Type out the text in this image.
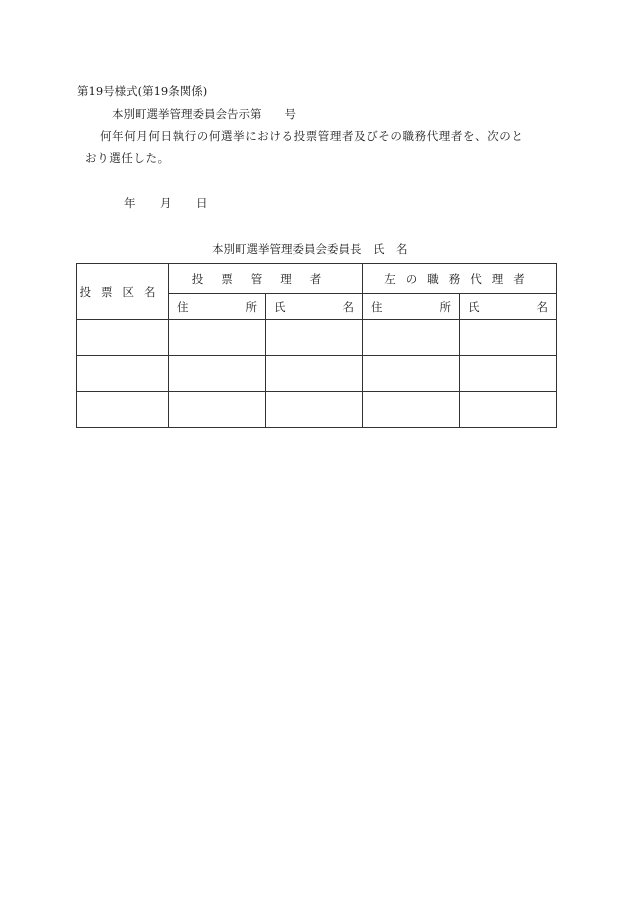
第19号様式(第19条関係)
本別町選挙管理委員会告示第　　号
何年何月何日執行の何選挙における投票管理者及びその職務代理者を、次のと
おり選任した。
年 月 日
本別町選挙管理委員会委員長　氏　名
投票区名	投票管理者		左の職務代理者	

	住 所	氏 名	住 所	氏 名
